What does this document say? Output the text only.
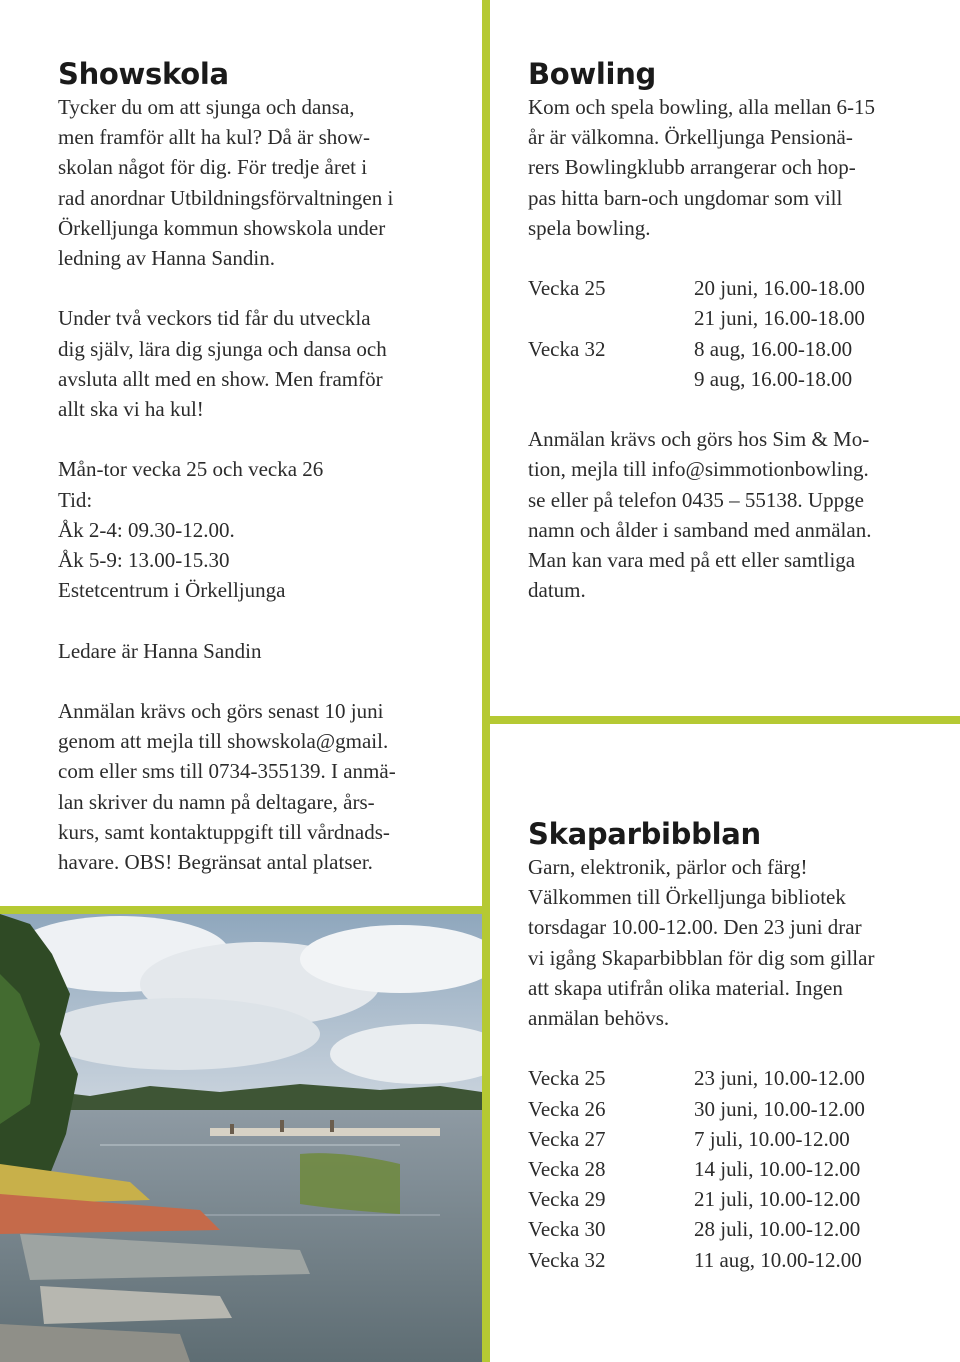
Showskola

Tycker du om att sjunga och dansa,

men framför allt ha kul? Då är show-

skolan något för dig. För tredje året i

rad anordnar Utbildningsförvaltningen i

Örkelljunga kommun showskola under

ledning av Hanna Sandin.

Under två veckors tid får du utveckla

dig själv, lära dig sjunga och dansa och

avsluta allt med en show. Men framför

allt ska vi ha kul!

Mån-tor vecka 25 och vecka 26

Tid:

Åk 2-4: 09.30-12.00.

Åk 5-9: 13.00-15.30

Estetcentrum i Örkelljunga

Ledare är Hanna Sandin

Anmälan krävs och görs senast 10 juni

genom att mejla till showskola@gmail.

com eller sms till 0734-355139. I anmä-

lan skriver du namn på deltagare, års-

kurs, samt kontaktuppgift till vårdnads-

havare. OBS! Begränsat antal platser.

Bowling

Kom och spela bowling, alla mellan 6-15

år är välkomna. Örkelljunga Pensionä-

rers Bowlingklubb arrangerar och hop-

pas hitta barn-och ungdomar som vill

spela bowling.

Vecka 25	20 juni, 16.00-18.00
21 juni, 16.00-18.00
Vecka 32	8 aug, 16.00-18.00
9 aug, 16.00-18.00

Anmälan krävs och görs hos Sim & Mo-

tion, mejla till info@simmotionbowling.

se eller på telefon 0435 – 55138. Uppge

namn och ålder i samband med anmälan.

Man kan vara med på ett eller samtliga

datum.

Skaparbibblan

Garn, elektronik, pärlor och färg!

Välkommen till Örkelljunga bibliotek

torsdagar 10.00-12.00. Den 23 juni drar

vi igång Skaparbibblan för dig som gillar

att skapa utifrån olika material. Ingen

anmälan behövs.

Vecka 25	23 juni, 10.00-12.00
Vecka 26	30 juni, 10.00-12.00
Vecka 27	7 juli, 10.00-12.00
Vecka 28	14 juli, 10.00-12.00
Vecka 29	21 juli, 10.00-12.00
Vecka 30	28 juli, 10.00-12.00
Vecka 32	11 aug, 10.00-12.00
